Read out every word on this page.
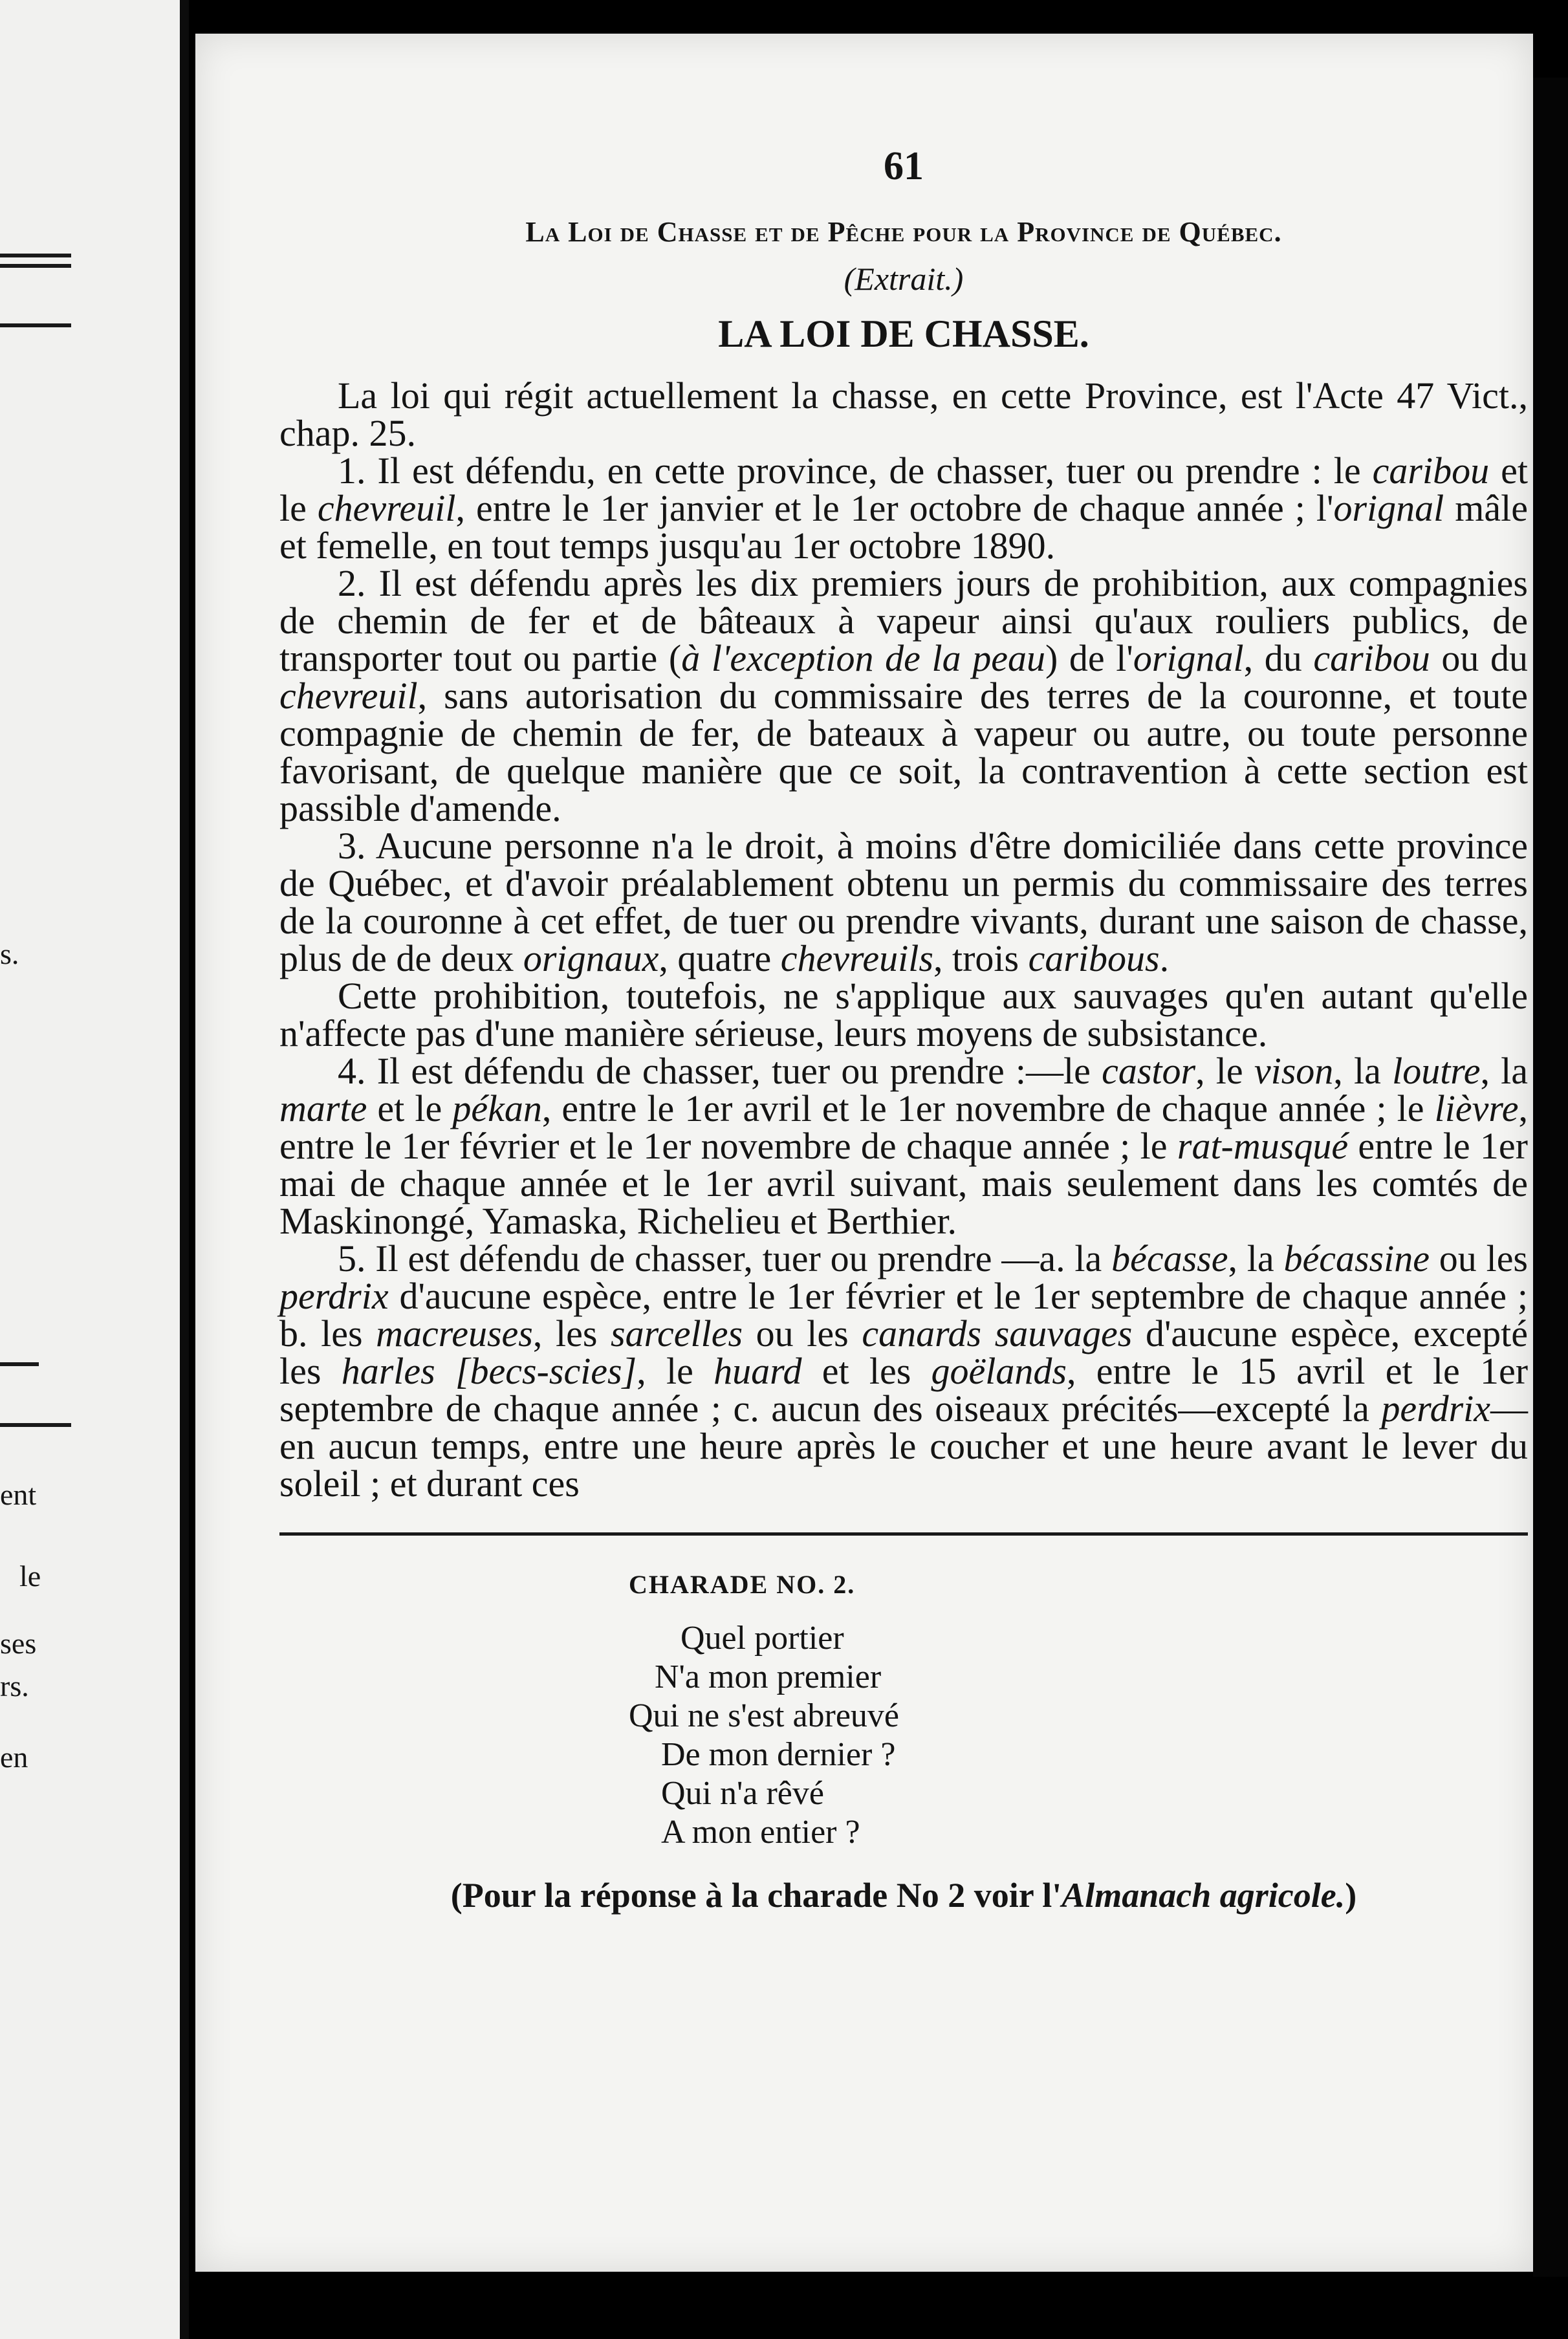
s.
ent
le
ses
rs.
en
61
La Loi de Chasse et de Pêche pour la Province de Québec.
(Extrait.)
LA LOI DE CHASSE.

La loi qui régit actuellement la chasse, en cette Province, est l'Acte 47 Vict., chap. 25.

1. Il est défendu, en cette province, de chasser, tuer ou prendre : le caribou et le chevreuil, entre le 1er janvier et le 1er octobre de chaque année ; l'orignal mâle et femelle, en tout temps jusqu'au 1er octobre 1890.

2. Il est défendu après les dix premiers jours de prohibition, aux compagnies de chemin de fer et de bâteaux à vapeur ainsi qu'aux rouliers publics, de transporter tout ou partie (à l'exception de la peau) de l'orignal, du caribou ou du chevreuil, sans autorisation du commissaire des terres de la couronne, et toute compagnie de chemin de fer, de bateaux à vapeur ou autre, ou toute personne favorisant, de quelque manière que ce soit, la contravention à cette section est passible d'amende.

3. Aucune personne n'a le droit, à moins d'être domiciliée dans cette province de Québec, et d'avoir préalablement obtenu un permis du commissaire des terres de la couronne à cet effet, de tuer ou prendre vivants, durant une saison de chasse, plus de de deux orignaux, quatre chevreuils, trois caribous.

Cette prohibition, toutefois, ne s'applique aux sauvages qu'en autant qu'elle n'affecte pas d'une manière sérieuse, leurs moyens de subsistance.

4. Il est défendu de chasser, tuer ou prendre :—le castor, le vison, la loutre, la marte et le pékan, entre le 1er avril et le 1er novembre de chaque année ; le lièvre, entre le 1er février et le 1er novembre de chaque année ; le rat-musqué entre le 1er mai de chaque année et le 1er avril suivant, mais seulement dans les comtés de Maskinongé, Yamaska, Richelieu et Berthier.

5. Il est défendu de chasser, tuer ou prendre —a. la bécasse, la bécassine ou les perdrix d'aucune espèce, entre le 1er février et le 1er septembre de chaque année ; b. les macreuses, les sarcelles ou les canards sauvages d'aucune espèce, excepté les harles [becs-scies], le huard et les goëlands, entre le 15 avril et le 1er septembre de chaque année ; c. aucun des oiseaux précités—excepté la perdrix—en aucun temps, entre une heure après le coucher et une heure avant le lever du soleil ; et durant ces

CHARADE NO. 2.
Quel portier
N'a mon premier
Qui ne s'est abreuvé
De mon dernier ?
Qui n'a rêvé
A mon entier ?
(Pour la réponse à la charade No 2 voir l'Almanach agricole.)
